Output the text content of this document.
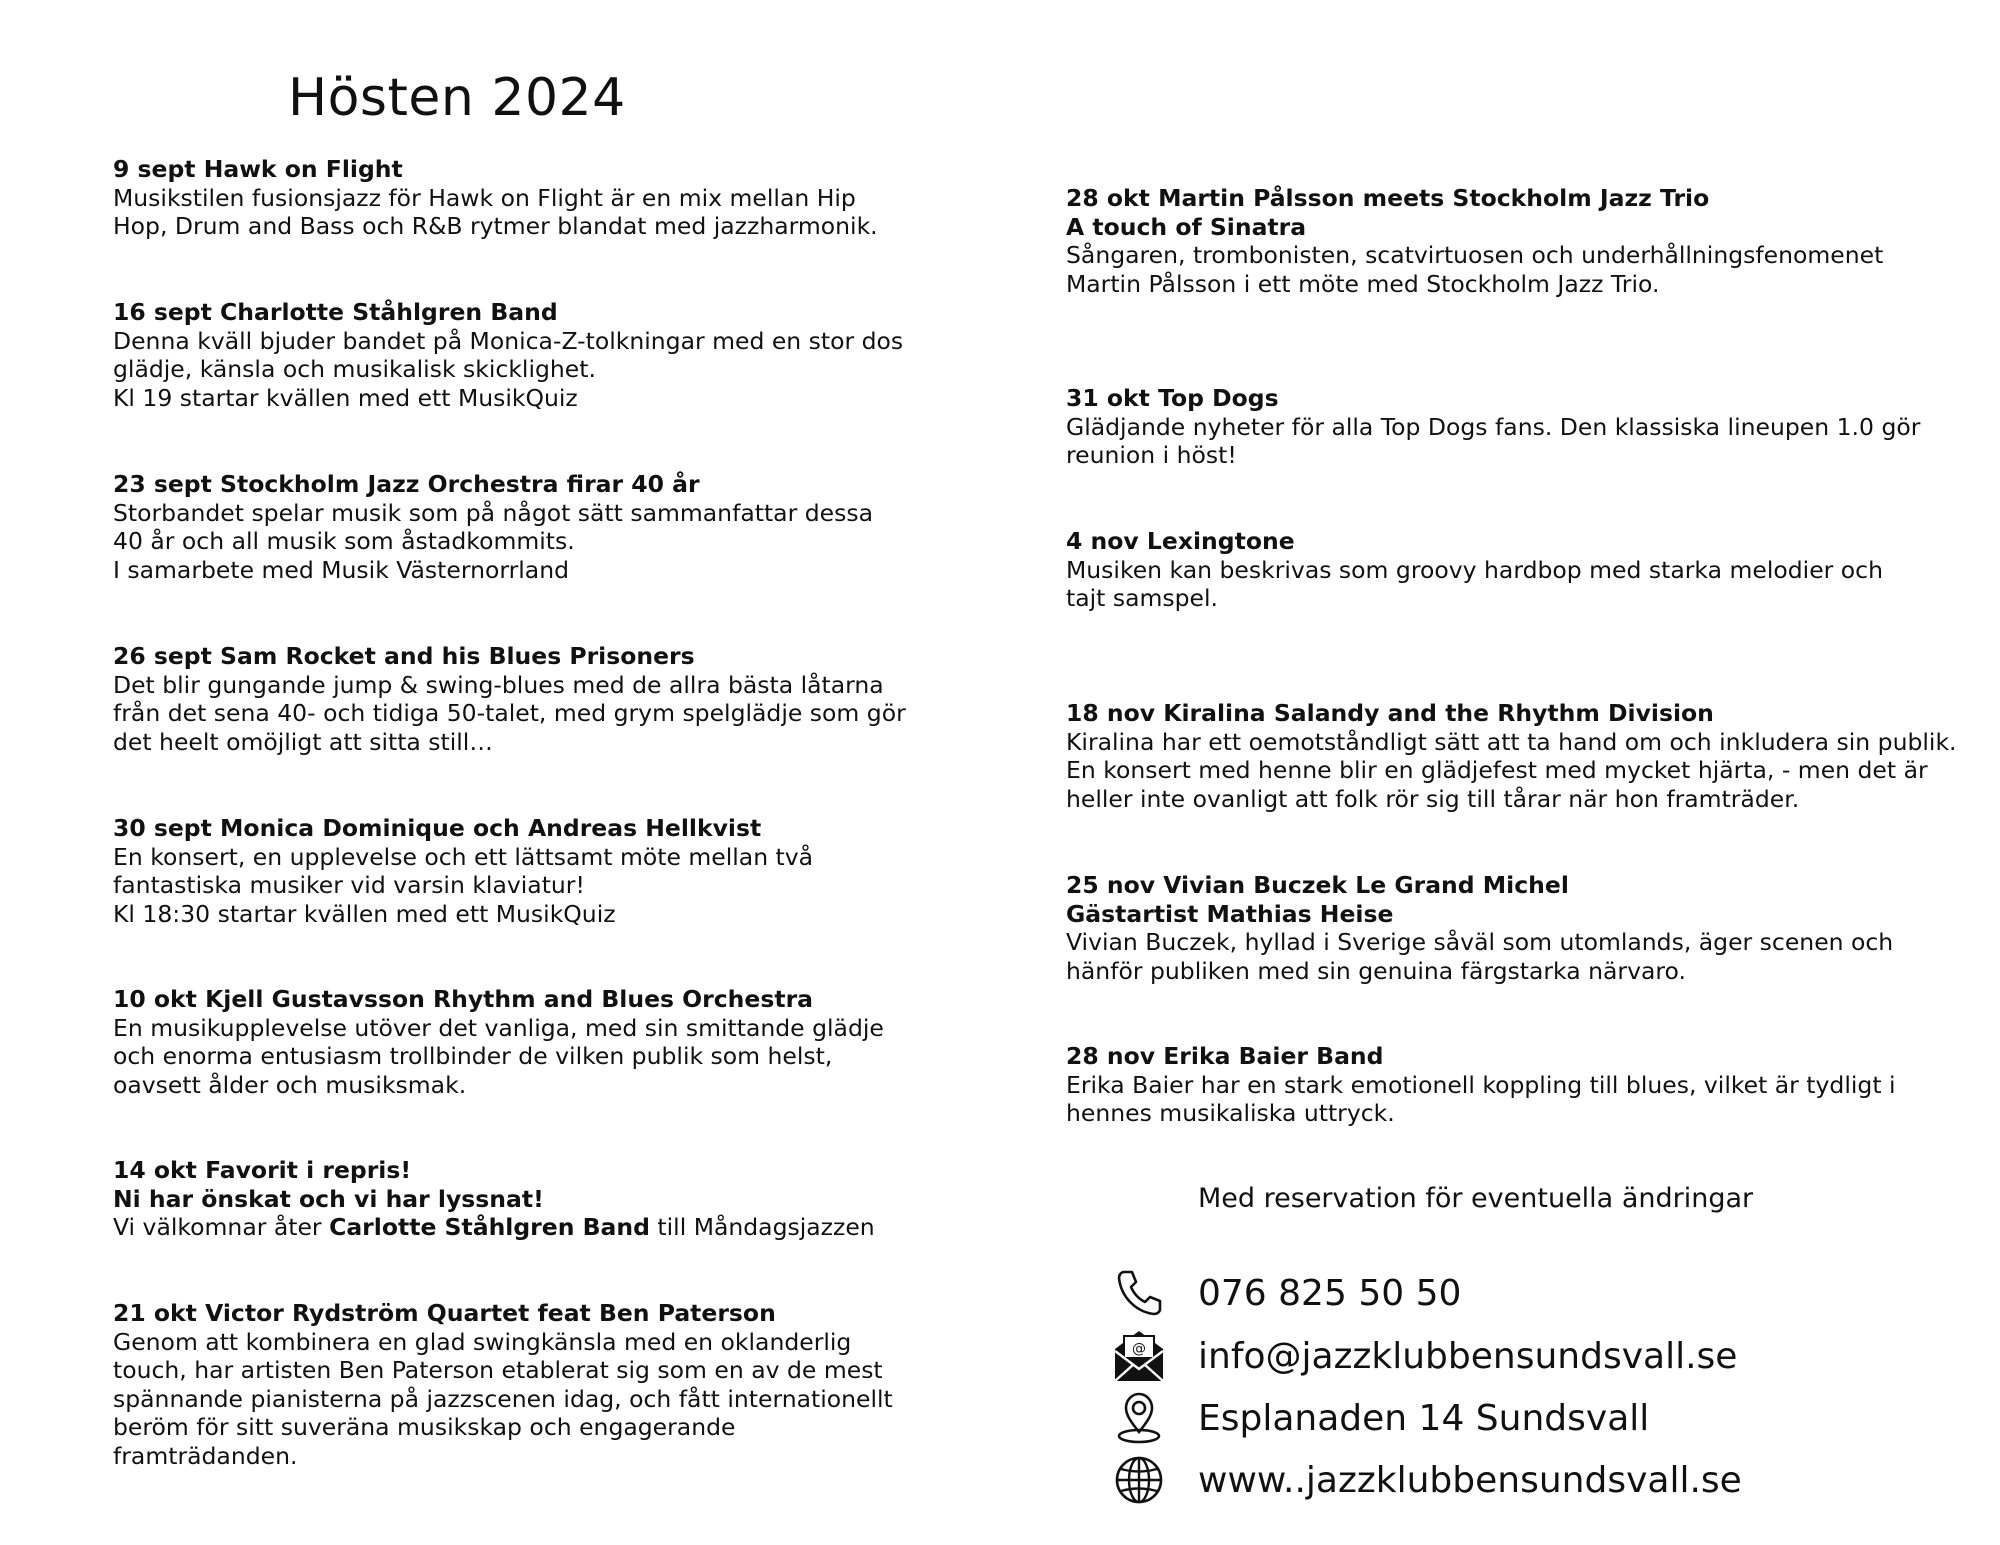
Hösten 2024
9 sept Hawk on Flight
Musikstilen fusionsjazz för Hawk on Flight är en mix mellan Hip
Hop, Drum and Bass och R&B rytmer blandat med jazzharmonik.
16 sept Charlotte Ståhlgren Band
Denna kväll bjuder bandet på Monica-Z-tolkningar med en stor dos
glädje, känsla och musikalisk skicklighet.
Kl 19 startar kvällen med ett MusikQuiz
23 sept Stockholm Jazz Orchestra firar 40 år
Storbandet spelar musik som på något sätt sammanfattar dessa
40 år och all musik som åstadkommits.
I samarbete med Musik Västernorrland
26 sept Sam Rocket and his Blues Prisoners
Det blir gungande jump & swing-blues med de allra bästa låtarna
från det sena 40- och tidiga 50-talet, med grym spelglädje som gör
det heelt omöjligt att sitta still…
30 sept Monica Dominique och Andreas Hellkvist
En konsert, en upplevelse och ett lättsamt möte mellan två
fantastiska musiker vid varsin klaviatur!
Kl 18:30 startar kvällen med ett MusikQuiz
10 okt Kjell Gustavsson Rhythm and Blues Orchestra
En musikupplevelse utöver det vanliga, med sin smittande glädje
och enorma entusiasm trollbinder de vilken publik som helst,
oavsett ålder och musiksmak.
14 okt Favorit i repris!
Ni har önskat och vi har lyssnat!
Vi välkomnar åter Carlotte Ståhlgren Band till Måndagsjazzen
21 okt Victor Rydström Quartet feat Ben Paterson
Genom att kombinera en glad swingkänsla med en oklanderlig
touch, har artisten Ben Paterson etablerat sig som en av de mest
spännande pianisterna på jazzscenen idag, och fått internationellt
beröm för sitt suveräna musikskap och engagerande
framträdanden.
28 okt Martin Pålsson meets Stockholm Jazz Trio
A touch of Sinatra
Sångaren, trombonisten, scatvirtuosen och underhållningsfenomenet
Martin Pålsson i ett möte med Stockholm Jazz Trio.
31 okt Top Dogs
Glädjande nyheter för alla Top Dogs fans. Den klassiska lineupen 1.0 gör
reunion i höst!
4 nov Lexingtone
Musiken kan beskrivas som groovy hardbop med starka melodier och
tajt samspel.
18 nov Kiralina Salandy and the Rhythm Division
Kiralina har ett oemotståndligt sätt att ta hand om och inkludera sin publik.
En konsert med henne blir en glädjefest med mycket hjärta, - men det är
heller inte ovanligt att folk rör sig till tårar när hon framträder.
25 nov Vivian Buczek Le Grand Michel
Gästartist Mathias Heise
Vivian Buczek, hyllad i Sverige såväl som utomlands, äger scenen och
hänför publiken med sin genuina färgstarka närvaro.
28 nov Erika Baier Band
Erika Baier har en stark emotionell koppling till blues, vilket är tydligt i
hennes musikaliska uttryck.
Med reservation för eventuella ändringar
076 825 50 50
@ info@jazzklubbensundsvall.se
Esplanaden 14 Sundsvall
www..jazzklubbensundsvall.se
